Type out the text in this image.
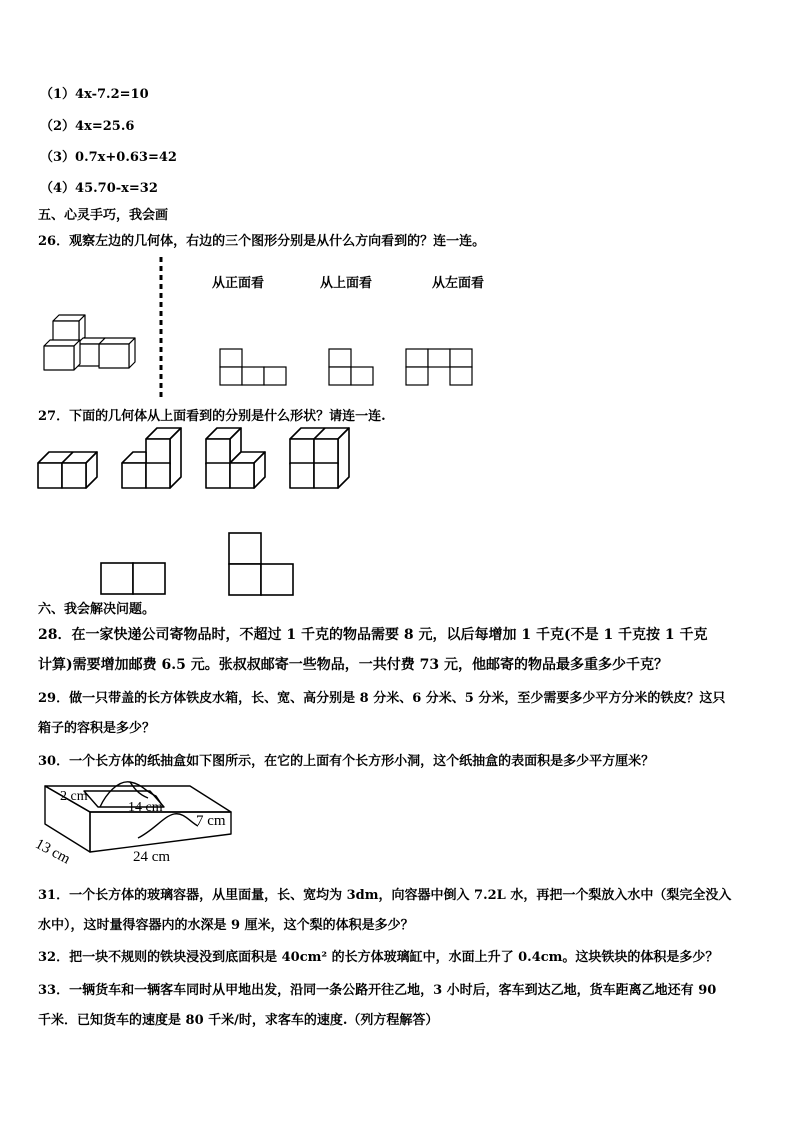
（1）4x-7.2=10
（2）4x=25.6
（3）0.7x+0.63=42
（4）45.70-x=32
五、心灵手巧，我会画
26．观察左边的几何体，右边的三个图形分别是从什么方向看到的？连一连。
从正面看	从上面看	从左面看
27．下面的几何体从上面看到的分别是什么形状？请连一连.
六、我会解决问题。
28．在一家快递公司寄物品时，不超过 1 千克的物品需要 8 元，以后每增加 1 千克(不是 1 千克按 1 千克
计算)需要增加邮费 6.5 元。张叔叔邮寄一些物品，一共付费 73 元，他邮寄的物品最多重多少千克？
29．做一只带盖的长方体铁皮水箱，长、宽、高分别是 8 分米、6 分米、5 分米，至少需要多少平方分米的铁皮？这只
箱子的容积是多少？
30．一个长方体的纸抽盒如下图所示，在它的上面有个长方形小洞，这个纸抽盒的表面积是多少平方厘米？
2 cm
14 cm
7 cm
13 cm	24 cm
31．一个长方体的玻璃容器，从里面量，长、宽均为 3dm，向容器中倒入 7.2L 水，再把一个梨放入水中（梨完全没入
水中），这时量得容器内的水深是 9 厘米，这个梨的体积是多少？
32．把一块不规则的铁块浸没到底面积是 40cm² 的长方体玻璃缸中，水面上升了 0.4cm。这块铁块的体积是多少？
33．一辆货车和一辆客车同时从甲地出发，沿同一条公路开往乙地，3 小时后，客车到达乙地，货车距离乙地还有 90
千米．已知货车的速度是 80 千米/时，求客车的速度.（列方程解答）
